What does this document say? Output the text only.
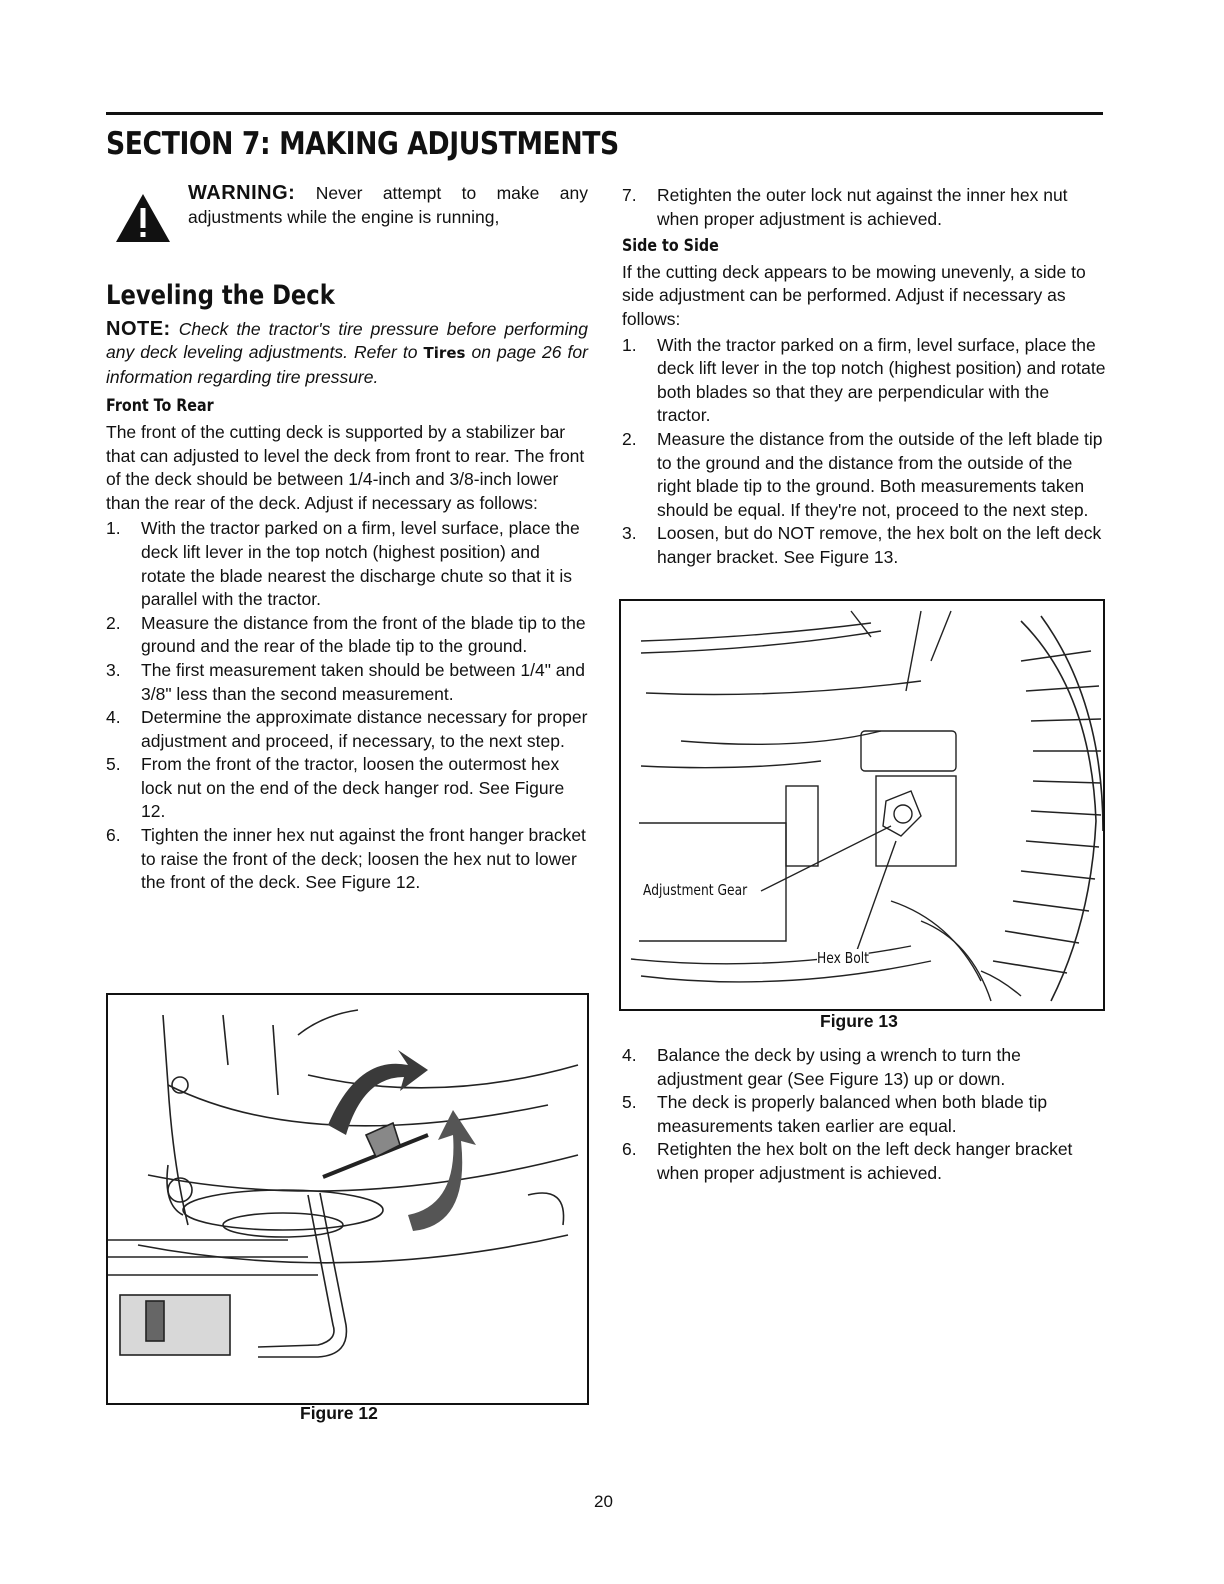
SECTION 7: MAKING ADJUSTMENTS
WARNING: Never attempt to make any adjustments while the engine is running,
Leveling the Deck
NOTE: Check the tractor's tire pressure before performing any deck leveling adjustments. Refer to Tires on page 26 for information regarding tire pressure.
Front To Rear

The front of the cutting deck is supported by a stabilizer bar that can adjusted to level the deck from front to rear. The front of the deck should be between 1/4-inch and 3/8-inch lower than the rear of the deck. Adjust if necessary as follows:

1. With the tractor parked on a firm, level surface, place the deck lift lever in the top notch (highest position) and rotate the blade nearest the discharge chute so that it is parallel with the tractor.
2. Measure the distance from the front of the blade tip to the ground and the rear of the blade tip to the ground.
3. The first measurement taken should be between 1/4" and 3/8" less than the second measurement.
4. Determine the approximate distance necessary for proper adjustment and proceed, if necessary, to the next step.
5. From the front of the tractor, loosen the outermost hex lock nut on the end of the deck hanger rod. See Figure 12.
6. Tighten the inner hex nut against the front hanger bracket to raise the front of the deck; loosen the hex nut to lower the front of the deck. See Figure 12.
7. Retighten the outer lock nut against the inner hex nut when proper adjustment is achieved.
Side to Side

If the cutting deck appears to be mowing unevenly, a side to side adjustment can be performed. Adjust if necessary as follows:

1. With the tractor parked on a firm, level surface, place the deck lift lever in the top notch (highest position) and rotate both blades so that they are perpendicular with the tractor.
2. Measure the distance from the outside of the left blade tip to the ground and the distance from the outside of the right blade tip to the ground. Both measurements taken should be equal. If they're not, proceed to the next step.
3. Loosen, but do NOT remove, the hex bolt on the left deck hanger bracket. See Figure 13.
Adjustment Gear
Hex Bolt
Figure 13
4. Balance the deck by using a wrench to turn the adjustment gear (See Figure 13) up or down.
5. The deck is properly balanced when both blade tip measurements taken earlier are equal.
6. Retighten the hex bolt on the left deck hanger bracket when proper adjustment is achieved.
Figure 12
20
